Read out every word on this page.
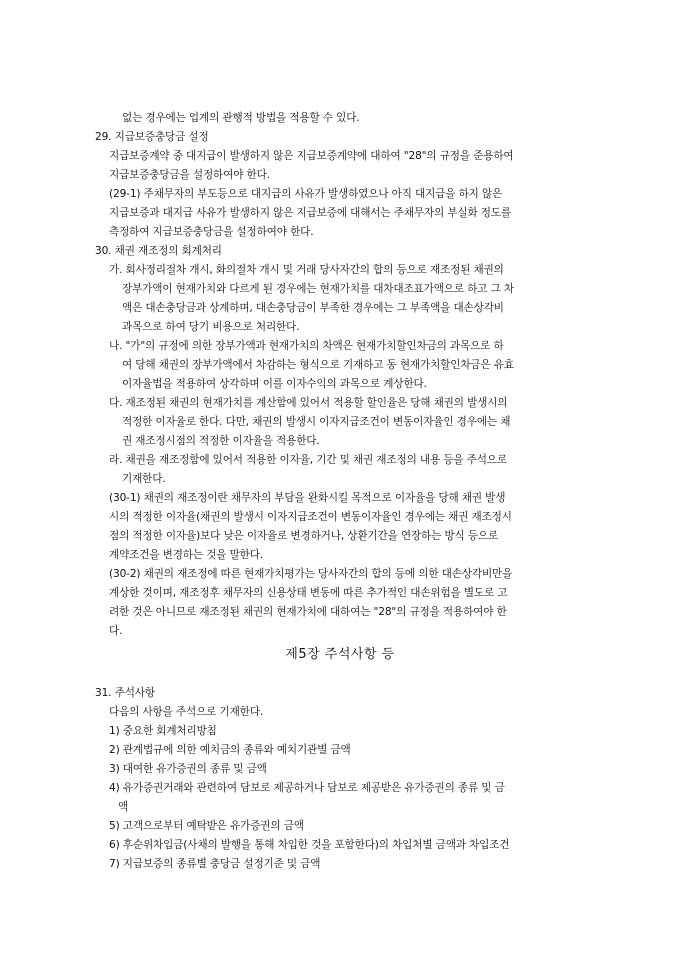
없는 경우에는 업계의 관행적 방법을 적용할 수 있다.
29. 지급보증충당금 설정
지급보증계약 중 대지급이 발생하지 않은 지급보증계약에 대하여 "28"의 규정을 준용하여
지급보증충당금을 설정하여야 한다.
(29-1) 주채무자의 부도등으로 대지급의 사유가 발생하였으나 아직 대지급을 하지 않은
지급보증과 대지급 사유가 발생하지 않은 지급보증에 대해서는 주채무자의 부실화 정도를
측정하여 지급보증충당금을 설정하여야 한다.
30. 채권 재조정의 회계처리
가. 회사정리절차 개시, 화의절차 개시 및 거래 당사자간의 합의 등으로 재조정된 채권의
장부가액이 현재가치와 다르게 된 경우에는 현재가치를 대차대조표가액으로 하고 그 차
액은 대손충당금과 상계하며, 대손충당금이 부족한 경우에는 그 부족액을 대손상각비
과목으로 하여 당기 비용으로 처리한다.
나. "가"의 규정에 의한 장부가액과 현재가치의 차액은 현재가치할인차금의 과목으로 하
여 당해 채권의 장부가액에서 차감하는 형식으로 기재하고 동 현재가치할인차금은 유효
이자율법을 적용하여 상각하며 이를 이자수익의 과목으로 계상한다.
다. 재조정된 채권의 현재가치를 계산함에 있어서 적용할 할인율은 당해 채권의 발생시의
적정한 이자율로 한다. 다만, 채권의 발생시 이자지급조건이 변동이자율인 경우에는 채
권 재조정시점의 적정한 이자율을 적용한다.
라. 채권을 재조정함에 있어서 적용한 이자율, 기간 및 채권 재조정의 내용 등을 주석으로
기재한다.
(30-1) 채권의 재조정이란 채무자의 부담을 완화시킬 목적으로 이자율을 당해 채권 발생
시의 적정한 이자율(채권의 발생시 이자지급조건이 변동이자율인 경우에는 채권 재조정시
점의 적정한 이자율)보다 낮은 이자율로 변경하거나, 상환기간을 연장하는 방식 등으로
계약조건을 변경하는 것을 말한다.
(30-2) 채권의 재조정에 따른 현재가치평가는 당사자간의 합의 등에 의한 대손상각비만을
계상한 것이며, 재조정후 채무자의 신용상태 변동에 따른 추가적인 대손위험을 별도로 고
려한 것은 아니므로 재조정된 채권의 현재가치에 대하여는 "28"의 규정을 적용하여야 한
다.
제5장 주석사항 등
31. 주석사항
다음의 사항을 주석으로 기재한다.
1) 중요한 회계처리방침
2) 관계법규에 의한 예치금의 종류와 예치기관별 금액
3) 대여한 유가증권의 종류 및 금액
4) 유가증권거래와 관련하여 담보로 제공하거나 담보로 제공받은 유가증권의 종류 및 금
액
5) 고객으로부터 예탁받은 유가증권의 금액
6) 후순위차입금(사채의 발행을 통해 차입한 것을 포함한다)의 차입처별 금액과 차입조건
7) 지급보증의 종류별 충당금 설정기준 및 금액
